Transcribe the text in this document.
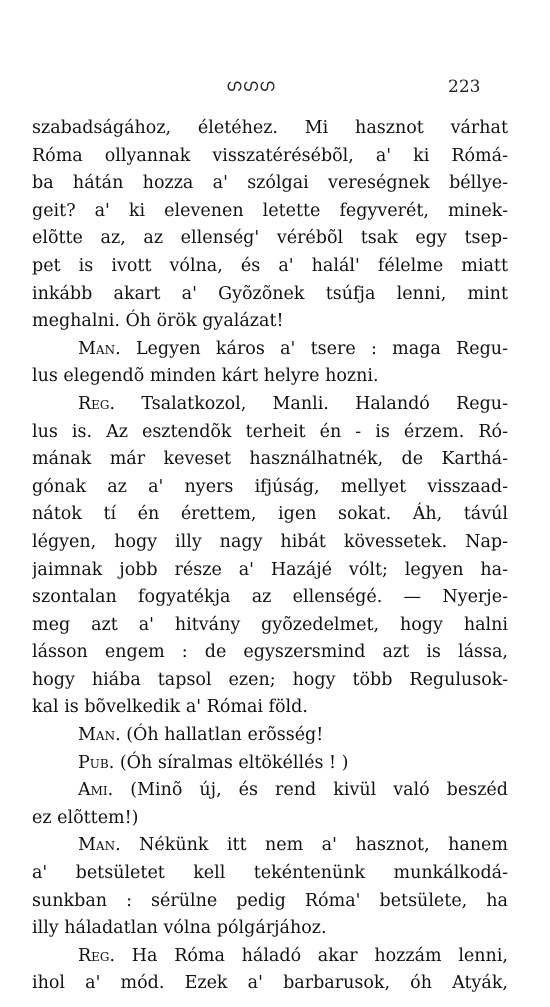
ഗഗഗ	223
szabadságához, életéhez. Mi hasznot várhat
Róma ollyannak visszatérésébõl, a' ki Rómá-
ba hátán hozza a' szólgai vereségnek béllye-
geit? a' ki elevenen letette fegyverét, minek-
elõtte az, az ellenség' vérébõl tsak egy tsep-
pet is ivott vólna, és a' halál' félelme miatt
inkább akart a' Gyõzõnek tsúfja lenni, mint
meghalni. Óh örök gyalázat!
Man. Legyen káros a' tsere : maga Regu-
lus elegendõ minden kárt helyre hozni.
Reg. Tsalatkozol, Manli. Halandó Regu-
lus is. Az esztendõk terheit én - is érzem. Ró-
mának már keveset használhatnék, de Karthá-
gónak az a' nyers ifjúság, mellyet visszaad-
nátok tí én érettem, igen sokat. Áh, távúl
légyen, hogy illy nagy hibát kövessetek. Nap-
jaimnak jobb része a' Hazájé vólt; legyen ha-
szontalan fogyatékja az ellenségé. — Nyerje-
meg azt a' hitvány gyõzedelmet, hogy halni
lásson engem : de egyszersmind azt is lássa,
hogy hiába tapsol ezen; hogy több Regulusok-
kal is bõvelkedik a' Római föld.
Man. (Óh hallatlan erõsség!
Pub. (Óh síralmas eltökéllés ! )
Ami. (Minõ új, és rend kivül való beszéd
ez elõttem!)
Man. Nékünk itt nem a' hasznot, hanem
a' betsületet kell tekéntenünk munkálkodá-
sunkban : sérülne pedig Róma' betsülete, ha
illy háladatlan vólna pólgárjához.
Reg. Ha Róma háladó akar hozzám lenni,
ihol a' mód. Ezek a' barbarusok, óh Atyák,
